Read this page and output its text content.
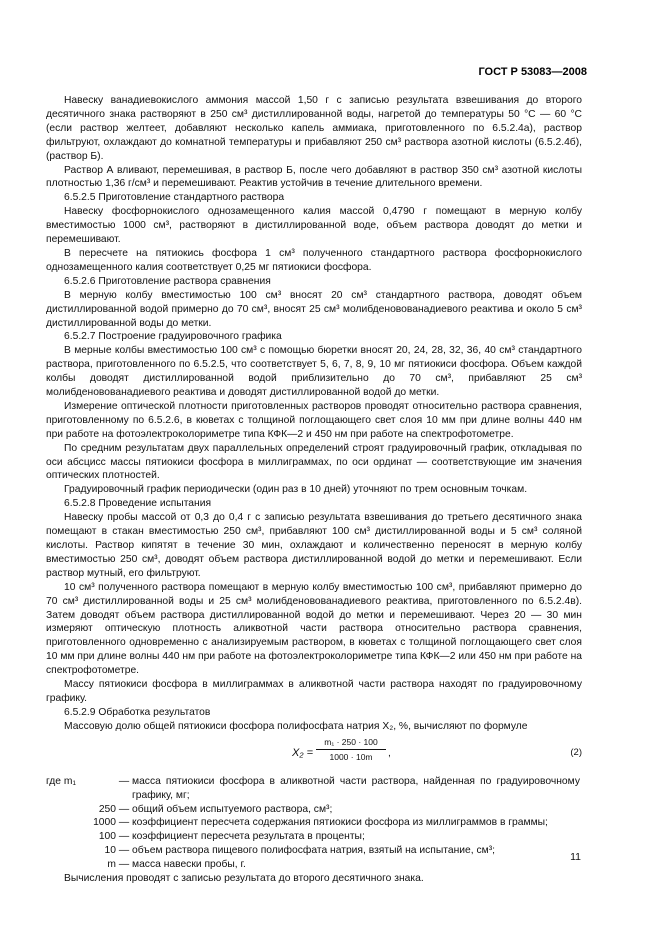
ГОСТ Р 53083—2008

Навеску ванадиевокислого аммония массой 1,50 г с записью результата взвешивания до второго десятичного знака растворяют в 250 см³ дистиллированной воды, нагретой до температуры 50 °С — 60 °С (если раствор желтеет, добавляют несколько капель аммиака, приготовленного по 6.5.2.4а), раствор фильтруют, охлаждают до комнатной температуры и прибавляют 250 см³ раствора азотной кислоты (6.5.2.4б), (раствор Б).

Раствор А вливают, перемешивая, в раствор Б, после чего добавляют в раствор 350 см³ азотной кислоты плотностью 1,36 г/см³ и перемешивают. Реактив устойчив в течение длительного времени.

6.5.2.5 Приготовление стандартного раствора

Навеску фосфорнокислого однозамещенного калия массой 0,4790 г помещают в мерную колбу вместимостью 1000 см³, растворяют в дистиллированной воде, объем раствора доводят до метки и перемешивают.

В пересчете на пятиокись фосфора 1 см³ полученного стандартного раствора фосфорнокислого однозамещенного калия соответствует 0,25 мг пятиокиси фосфора.

6.5.2.6 Приготовление раствора сравнения

В мерную колбу вместимостью 100 см³ вносят 20 см³ стандартного раствора, доводят объем дистиллированной водой примерно до 70 см³, вносят 25 см³ молибденовованадиевого реактива и около 5 см³ дистиллированной воды до метки.

6.5.2.7 Построение градуировочного графика

В мерные колбы вместимостью 100 см³ с помощью бюретки вносят 20, 24, 28, 32, 36, 40 см³ стандартного раствора, приготовленного по 6.5.2.5, что соответствует 5, 6, 7, 8, 9, 10 мг пятиокиси фосфора. Объем каждой колбы доводят дистиллированной водой приблизительно до 70 см³, прибавляют 25 см³ молибденовованадиевого реактива и доводят дистиллированной водой до метки.

Измерение оптической плотности приготовленных растворов проводят относительно раствора сравнения, приготовленному по 6.5.2.6, в кюветах с толщиной поглощающего свет слоя 10 мм при длине волны 440 нм при работе на фотоэлектроколориметре типа КФК—2 и 450 нм при работе на спектрофотометре.

По средним результатам двух параллельных определений строят градуировочный график, откладывая по оси абсцисс массы пятиокиси фосфора в миллиграммах, по оси ординат — соответствующие им значения оптических плотностей.

Градуировочный график периодически (один раз в 10 дней) уточняют по трем основным точкам.

6.5.2.8 Проведение испытания

Навеску пробы массой от 0,3 до 0,4 г с записью результата взвешивания до третьего десятичного знака помещают в стакан вместимостью 250 см³, прибавляют 100 см³ дистиллированной воды и 5 см³ соляной кислоты. Раствор кипятят в течение 30 мин, охлаждают и количественно переносят в мерную колбу вместимостью 250 см³, доводят объем раствора дистиллированной водой до метки и перемешивают. Если раствор мутный, его фильтруют.

10 см³ полученного раствора помещают в мерную колбу вместимостью 100 см³, прибавляют примерно до 70 см³ дистиллированной воды и 25 см³ молибденовованадиевого реактива, приготовленного по 6.5.2.4в). Затем доводят объем раствора дистиллированной водой до метки и перемешивают. Через 20 — 30 мин измеряют оптическую плотность аликвотной части раствора относительно раствора сравнения, приготовленного одновременно с анализируемым раствором, в кюветах с толщиной поглощающего свет слоя 10 мм при длине волны 440 нм при работе на фотоэлектроколориметре типа КФК—2 или 450 нм при работе на спектрофотометре.

Массу пятиокиси фосфора в миллиграммах в аликвотной части раствора находят по градуировочному графику.

6.5.2.9 Обработка результатов

Массовую долю общей пятиокиси фосфора полифосфата натрия X₂, %, вычисляют по формуле

$X_2 = \frac{\text{m₁ · 250 · 100}}{1000 \cdot 10m}$ ,	(2)
где m₁	— масса пятиокиси фосфора в аликвотной части раствора, найденная по градуировочному графику, мг;
250 — общий объем испытуемого раствора, см³;
1000 — коэффициент пересчета содержания пятиокиси фосфора из миллиграммов в граммы;
100 — коэффициент пересчета результата в проценты;
10 — объем раствора пищевого полифосфата натрия, взятый на испытание, см³;
m — масса навески пробы, г.

Вычисления проводят с записью результата до второго десятичного знака.

11
